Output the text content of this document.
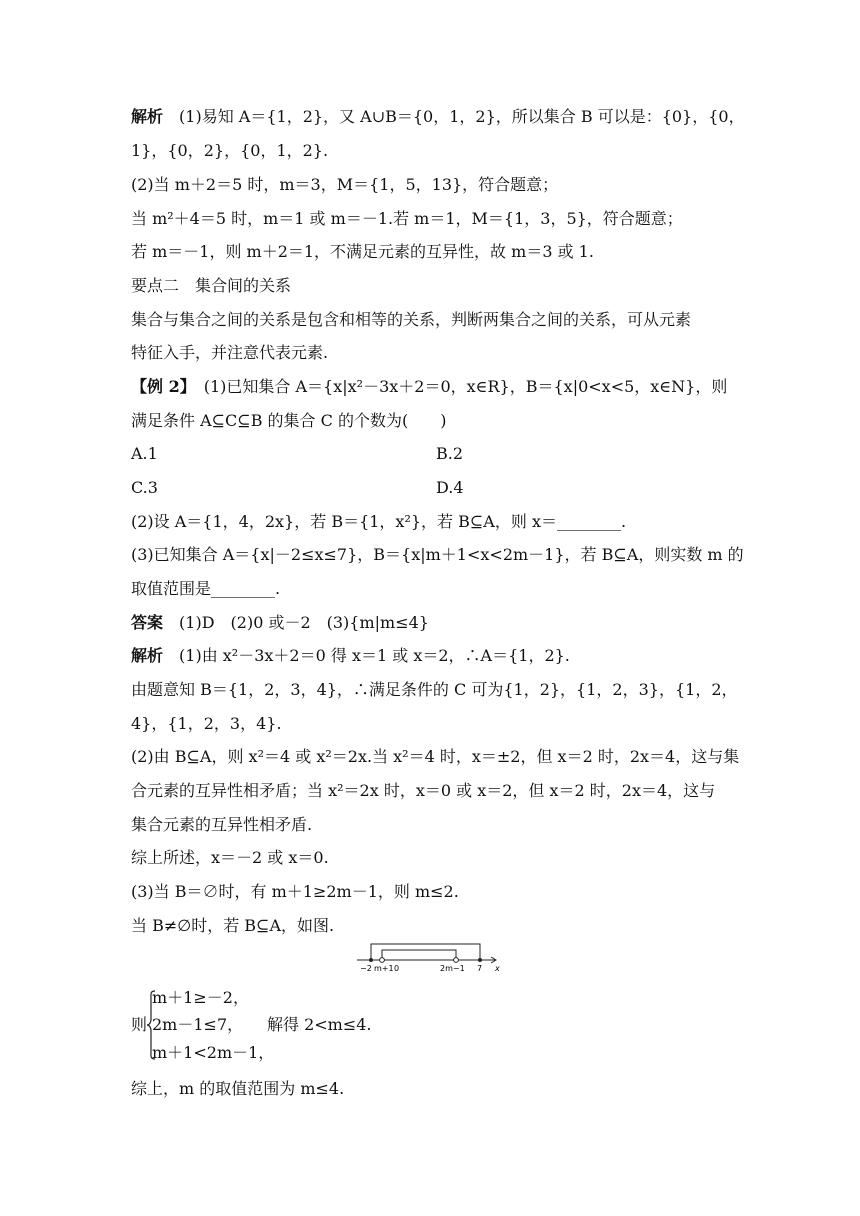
解析　 (1)易知 A＝{1，2}，又 A∪B＝{0，1，2}，所以集合 B 可以是：{0}，{0，
1}，{0，2}，{0，1，2}.
(2)当 m＋2＝5 时，m＝3，M＝{1，5，13}，符合题意；
当 m²＋4＝5 时，m＝1 或 m＝－1.若 m＝1，M＝{1，3，5}，符合题意；
若 m＝－1，则 m＋2＝1，不满足元素的互异性，故 m＝3 或 1.
要点二　集合间的关系
集合与集合之间的关系是包含和相等的关系，判断两集合之间的关系，可从元素
特征入手，并注意代表元素.
【例 2】　 (1)已知集合 A＝{x|x²－3x＋2＝0，x∈R}，B＝{x|0<x<5，x∈N}，则
满足条件 A⊆C⊆B 的集合 C 的个数为(　　)
A.1	B.2
C.3	D.4
(2)设 A＝{1，4，2x}，若 B＝{1，x²}，若 B⊆A，则 x＝________.
(3)已知集合 A＝{x|－2≤x≤7}，B＝{x|m＋1<x<2m－1}，若 B⊆A，则实数 m 的
取值范围是________.
答案　 (1)D　(2)0 或－2　(3){m|m≤4}
解析　 (1)由 x²－3x＋2＝0 得 x＝1 或 x＝2，∴A＝{1，2}.
由题意知 B＝{1，2，3，4}，∴满足条件的 C 可为{1，2}，{1，2，3}，{1，2，
4}，{1，2，3，4}.
(2)由 B⊆A，则 x²＝4 或 x²＝2x.当 x²＝4 时，x＝±2，但 x＝2 时，2x＝4，这与集
合元素的互异性相矛盾；当 x²＝2x 时，x＝0 或 x＝2，但 x＝2 时，2x＝4，这与
集合元素的互异性相矛盾.
综上所述，x＝－2 或 x＝0.
(3)当 B＝∅时，有 m＋1≥2m－1，则 m≤2.
当 B≠∅时，若 B⊆A，如图.
−2 m+1 0	2m−1 7 x
则
m＋1≥－2，
2m－1≤7，
m＋1<2m－1，
解得 2<m≤4.
综上，m 的取值范围为 m≤4.
